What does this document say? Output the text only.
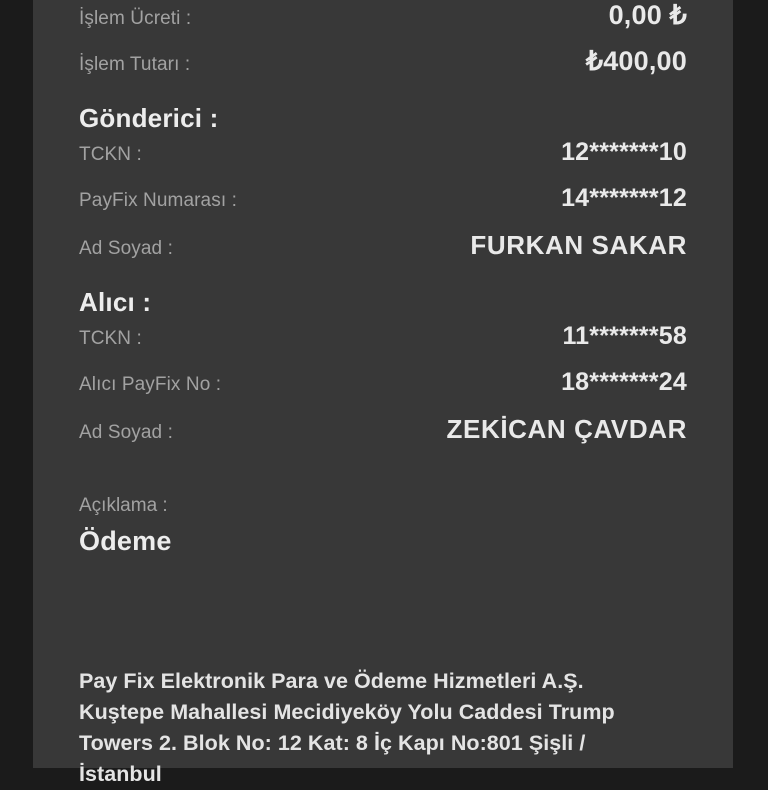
İşlem Ücreti :	0,00 ₺
İşlem Tutarı :	₺400,00
Gönderici :
TCKN :	12*******10
PayFix Numarası :	14*******12
Ad Soyad :	FURKAN SAKAR
Alıcı :
TCKN :	11*******58
Alıcı PayFix No :	18*******24
Ad Soyad :	ZEKİCAN ÇAVDAR
Açıklama :
Ödeme
Pay Fix Elektronik Para ve Ödeme Hizmetleri A.Ş.
Kuştepe Mahallesi Mecidiyeköy Yolu Caddesi Trump
Towers 2. Blok No: 12 Kat: 8 İç Kapı No:801 Şişli /
İstanbul
